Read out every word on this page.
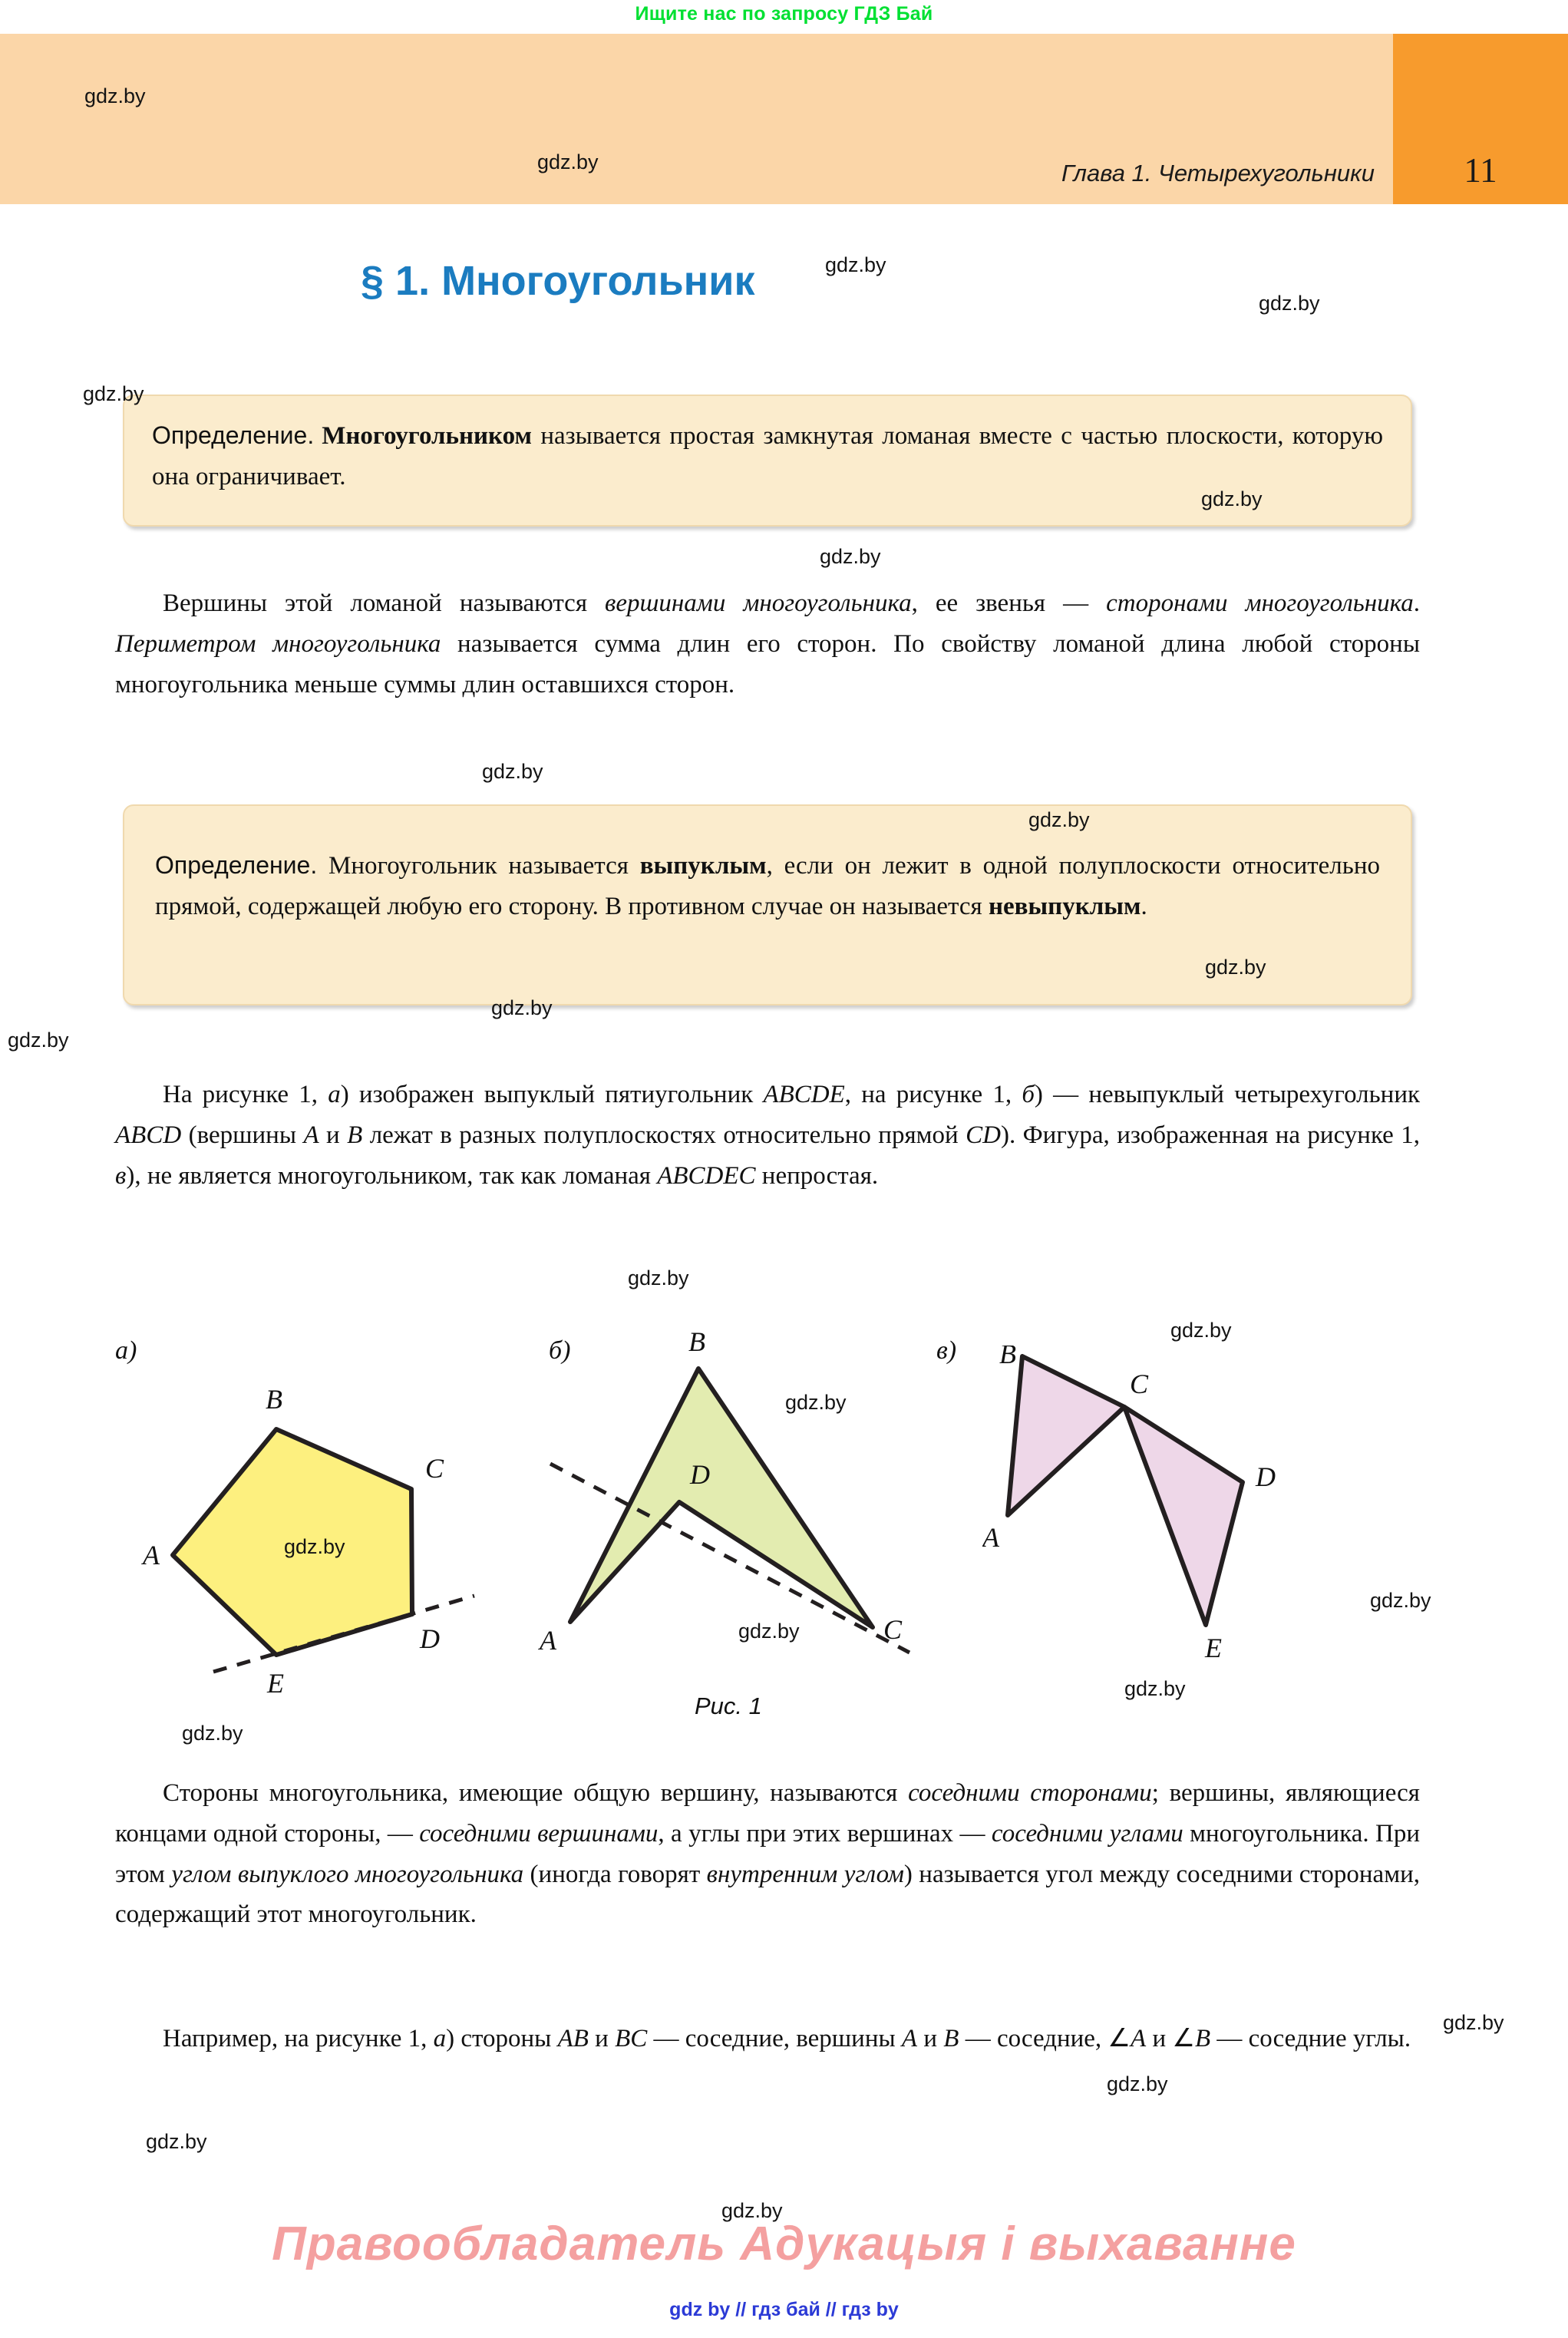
Ищите нас по запросу ГДЗ Бай
Глава 1. Четырехугольники	11
§ 1. Многоугольник
Определение. Многоугольником называется простая замкнутая ломаная вместе с частью плоскости, которую она ограничивает.
Вершины этой ломаной называются вершинами многоугольника, ее звенья — сторонами многоугольника. Периметром многоугольника называется сумма длин его сторон. По свойству ломаной длина любой стороны многоугольника меньше суммы длин оставшихся сторон.
Определение. Многоугольник называется выпуклым, если он лежит в одной полуплоскости относительно прямой, содержащей любую его сторону. В противном случае он называется невыпуклым.
На рисунке 1, а) изображен выпуклый пятиугольник ABCDE, на рисунке 1, б) — невыпуклый четырехугольник ABCD (вершины A и B лежат в разных полуплоскостях относительно прямой CD). Фигура, изображенная на рисунке 1, в), не является многоугольником, так как ломаная ABCDEC непростая.
а)
A
B
C
D
E
б)
A
B
C
D
в) B
C
A
D
E
Рис. 1
Стороны многоугольника, имеющие общую вершину, называются соседними сторонами; вершины, являющиеся концами одной стороны, — соседними вершинами, а углы при этих вершинах — соседними углами многоугольника. При этом углом выпуклого многоугольника (иногда говорят внутренним углом) называется угол между соседними сторонами, содержащий этот многоугольник.
Например, на рисунке 1, а) стороны AB и BC — соседние, вершины A и B — соседние, ∠A и ∠B — соседние углы.
Правообладатель Адукацыя і выхаванне
gdz by // гдз бай // гдз by
gdz.by
gdz.by
gdz.by
gdz.by
gdz.by
gdz.by
gdz.by
gdz.by
gdz.by
gdz.by
gdz.by
gdz.by
gdz.by
gdz.by
gdz.by
gdz.by
gdz.by
gdz.by
gdz.by
gdz.by
gdz.by
gdz.by
gdz.by
gdz.by
